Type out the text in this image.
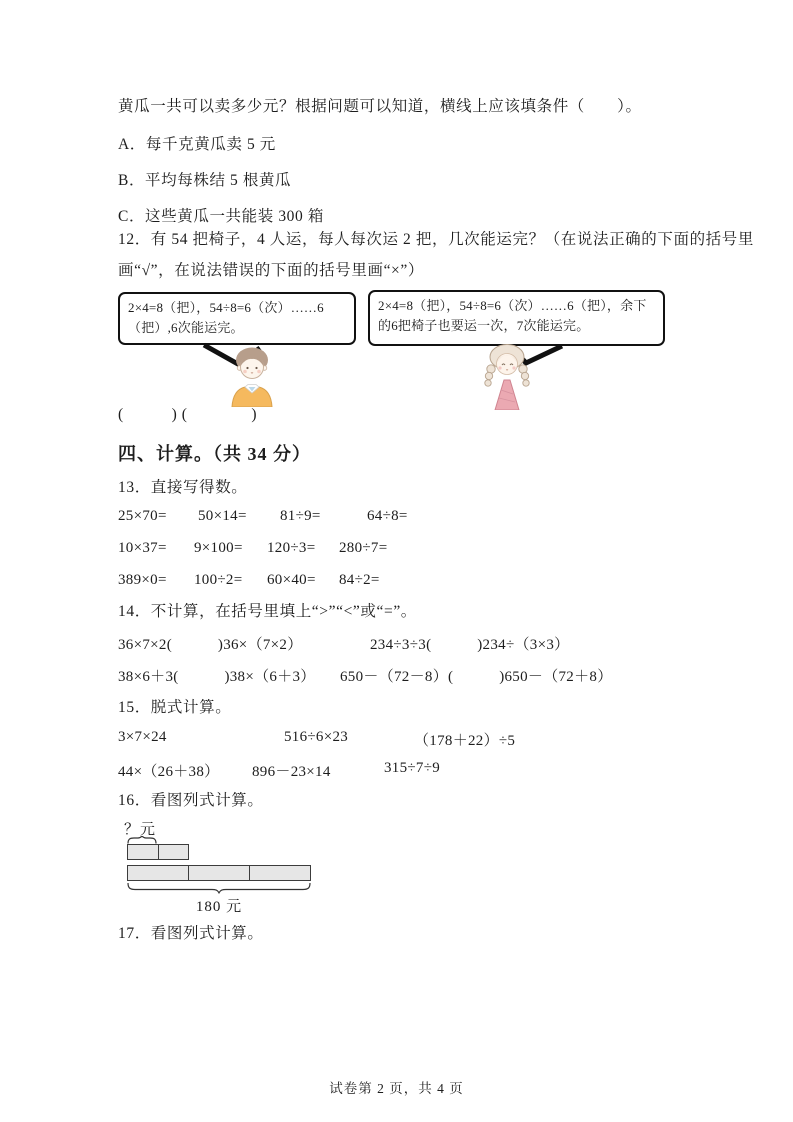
黄瓜一共可以卖多少元？根据问题可以知道，横线上应该填条件（　　）。
A．每千克黄瓜卖 5 元
B．平均每株结 5 根黄瓜
C．这些黄瓜一共能装 300 箱
12．有 54 把椅子，4 人运，每人每次运 2 把，几次能运完？（在说法正确的下面的括号里
画“√”，在说法错误的下面的括号里画“×”）
2×4=8（把），54÷8=6（次）……6（把）,6次能运完。
2×4=8（把），54÷8=6（次）……6（把），余下的6把椅子也要运一次，7次能运完。
(　　　) (　　　　)
四、计算。（共 34 分）
13．直接写得数。
25×70=	50×14=	81÷9=	64÷8=
10×37=	9×100=	120÷3=	280÷7=
389×0=	100÷2=	60×40=	84÷2=
14．不计算，在括号里填上“>”“<”或“=”。
36×7×2(　　　)36×（7×2）	234÷3÷3(　　　)234÷（3×3）
38×6＋3(　　　)38×（6＋3）	650－（72－8）(　　　)650－（72＋8）
15．脱式计算。
3×7×24	516÷6×23	（178＋22）÷5
44×（26＋38）	896－23×14	315÷7÷9
16．看图列式计算。
？元
180 元
17．看图列式计算。
试卷第 2 页，共 4 页
